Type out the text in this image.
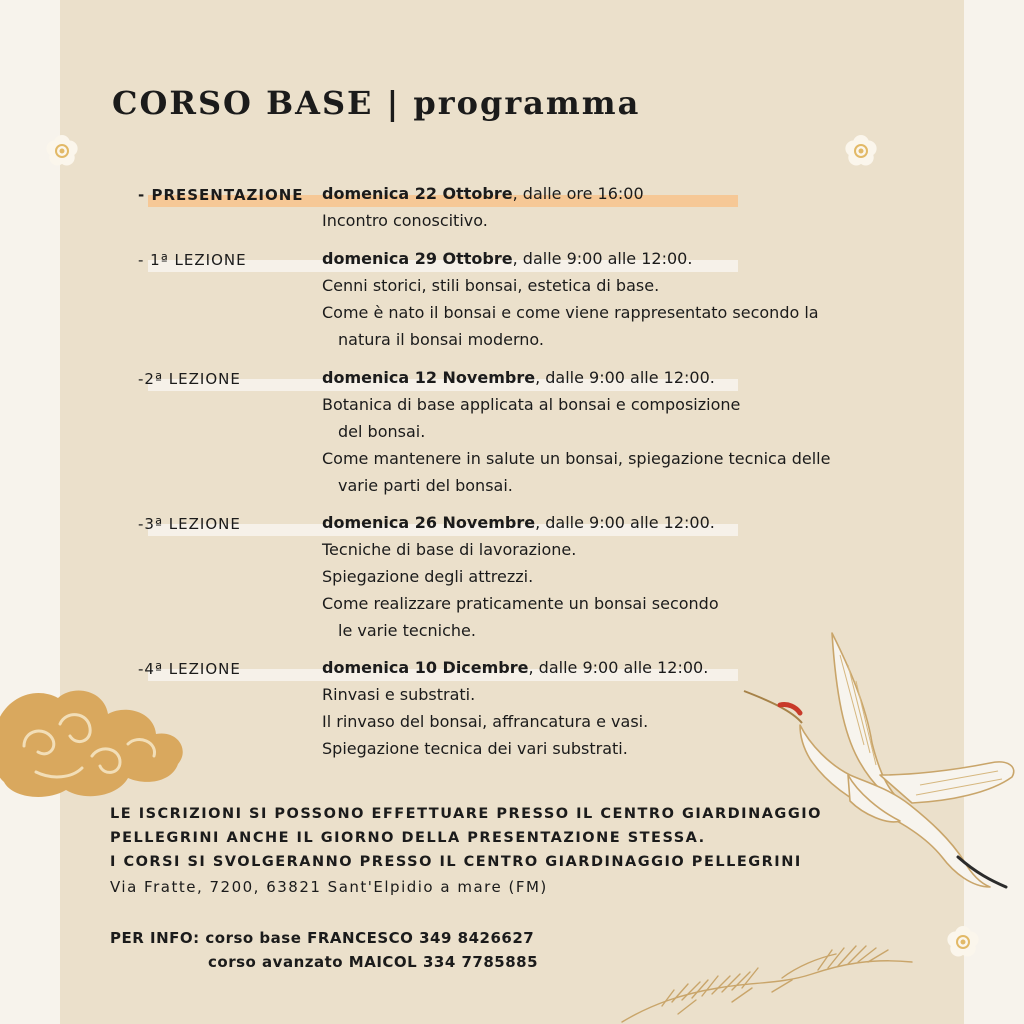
CORSO BASE | programma
- PRESENTAZIONE domenica 22 Ottobre, dalle ore 16:00
Incontro conoscitivo.
- 1ª LEZIONE	domenica 29 Ottobre, dalle 9:00 alle 12:00.
Cenni storici, stili bonsai, estetica di base.
Come è nato il bonsai e come viene rappresentato secondo la
natura il bonsai moderno.
-2ª LEZIONE	domenica 12 Novembre, dalle 9:00 alle 12:00.
Botanica di base applicata al bonsai e composizione
del bonsai.
Come mantenere in salute un bonsai, spiegazione tecnica delle
varie parti del bonsai.
-3ª LEZIONE	domenica 26 Novembre, dalle 9:00 alle 12:00.
Tecniche di base di lavorazione.
Spiegazione degli attrezzi.
Come realizzare praticamente un bonsai secondo
le varie tecniche.
-4ª LEZIONE	domenica 10 Dicembre, dalle 9:00 alle 12:00.
Rinvasi e substrati.
Il rinvaso del bonsai, affrancatura e vasi.
Spiegazione tecnica dei vari substrati.
LE ISCRIZIONI SI POSSONO EFFETTUARE PRESSO IL CENTRO GIARDINAGGIO
PELLEGRINI ANCHE IL GIORNO DELLA PRESENTAZIONE STESSA.
I CORSI SI SVOLGERANNO PRESSO IL CENTRO GIARDINAGGIO PELLEGRINI
Via Fratte, 7200, 63821 Sant'Elpidio a mare (FM)
PER INFO: corso base FRANCESCO 349 8426627
corso avanzato MAICOL 334 7785885
